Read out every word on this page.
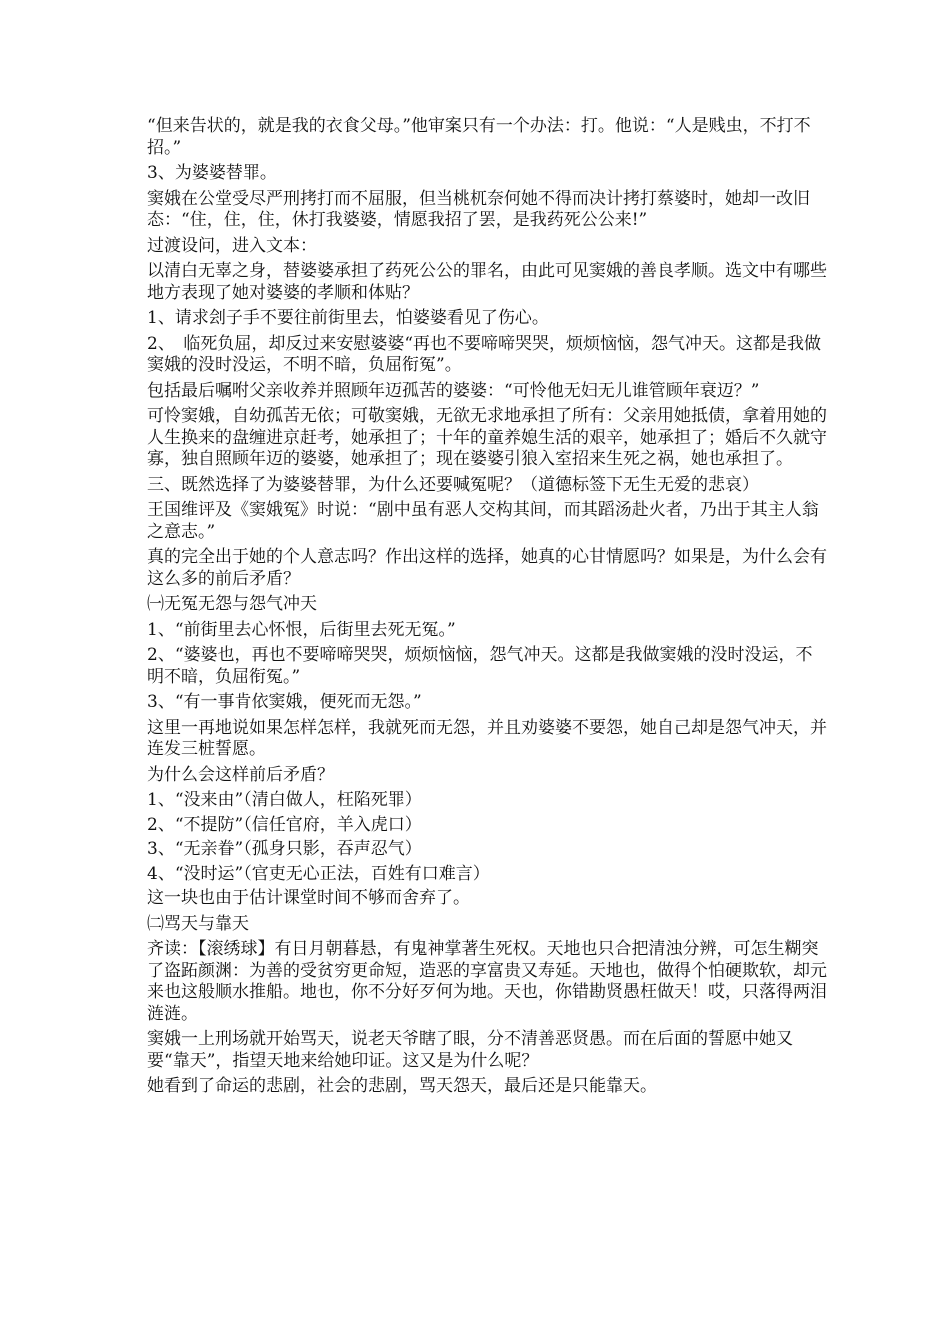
“但来告状的，就是我的衣食父母。”他审案只有一个办法：打。他说：“人是贱虫，不打不招。”

3、为婆婆替罪。

窦娥在公堂受尽严刑拷打而不屈服，但当桃杌奈何她不得而决计拷打蔡婆时，她却一改旧态：“住，住，住，休打我婆婆，情愿我招了罢，是我药死公公来!”

过渡设问，进入文本：

以清白无辜之身，替婆婆承担了药死公公的罪名，由此可见窦娥的善良孝顺。选文中有哪些地方表现了她对婆婆的孝顺和体贴？

1、请求刽子手不要往前街里去，怕婆婆看见了伤心。

2、　临死负屈，却反过来安慰婆婆“再也不要啼啼哭哭，烦烦恼恼，怨气冲天。这都是我做窦娥的没时没运，不明不暗，负屈衔冤”。

包括最后嘱咐父亲收养并照顾年迈孤苦的婆婆：“可怜他无妇无儿谁管顾年衰迈？”

可怜窦娥，自幼孤苦无依；可敬窦娥，无欲无求地承担了所有：父亲用她抵债，拿着用她的人生换来的盘缠进京赶考，她承担了；十年的童养媳生活的艰辛，她承担了；婚后不久就守寡，独自照顾年迈的婆婆，她承担了；现在婆婆引狼入室招来生死之祸，她也承担了。

三、既然选择了为婆婆替罪，为什么还要喊冤呢？（道德标签下无生无爱的悲哀）

王国维评及《窦娥冤》时说：“剧中虽有恶人交构其间，而其蹈汤赴火者，乃出于其主人翁之意志。”

真的完全出于她的个人意志吗？作出这样的选择，她真的心甘情愿吗？如果是，为什么会有这么多的前后矛盾？

㈠无冤无怨与怨气冲天

1、“前街里去心怀恨，后街里去死无冤。”

2、“婆婆也，再也不要啼啼哭哭，烦烦恼恼，怨气冲天。这都是我做窦娥的没时没运，不明不暗，负屈衔冤。”

3、“有一事肯依窦娥，便死而无怨。”

这里一再地说如果怎样怎样，我就死而无怨，并且劝婆婆不要怨，她自己却是怨气冲天，并连发三桩誓愿。

为什么会这样前后矛盾？

1、“没来由”（清白做人，枉陷死罪）

2、“不提防”（信任官府，羊入虎口）

3、“无亲眷”（孤身只影，吞声忍气）

4、“没时运”（官吏无心正法，百姓有口难言）

这一块也由于估计课堂时间不够而舍弃了。

㈡骂天与靠天

齐读：【滚绣球】有日月朝暮悬，有鬼神掌著生死权。天地也只合把清浊分辨，可怎生糊突了盗跖颜渊：为善的受贫穷更命短，造恶的享富贵又寿延。天地也，做得个怕硬欺软，却元来也这般顺水推船。地也，你不分好歹何为地。天也，你错勘贤愚枉做天！哎，只落得两泪涟涟。

窦娥一上刑场就开始骂天，说老天爷瞎了眼，分不清善恶贤愚。而在后面的誓愿中她又要“靠天”，指望天地来给她印证。这又是为什么呢？

她看到了命运的悲剧，社会的悲剧，骂天怨天，最后还是只能靠天。
